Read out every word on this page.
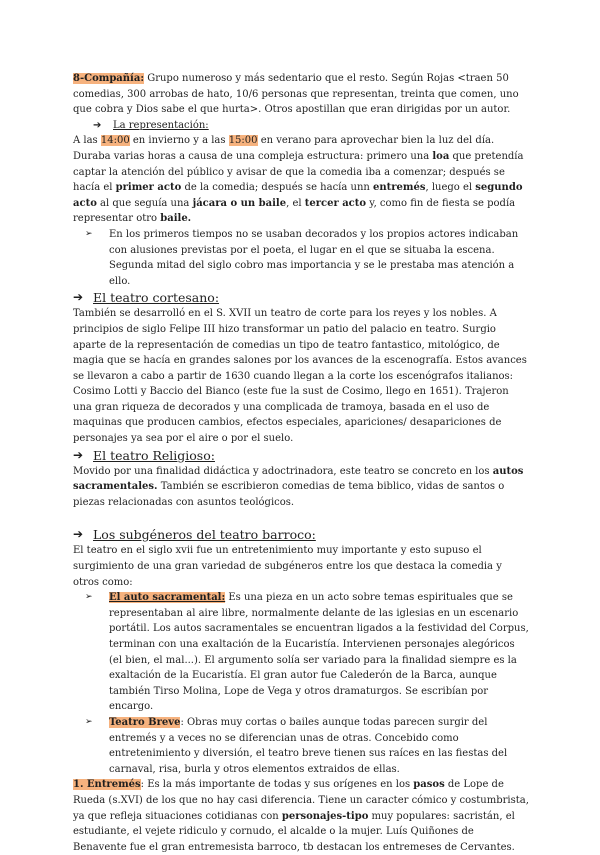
8-Compañía: Grupo numeroso y más sedentario que el resto. Según Rojas <traen 50 comedias, 300 arrobas de hato, 10/6 personas que representan, treinta que comen, uno que cobra y Dios sabe el que hurta>. Otros apostillan que eran dirigidas por un autor.

➔ La representación:

A las 14:00 en invierno y a las 15:00 en verano para aprovechar bien la luz del día.

Duraba varias horas a causa de una compleja estructura: primero una loa que pretendía captar la atención del público y avisar de que la comedia iba a comenzar; después se hacía el primer acto de la comedia; después se hacía unn entremés, luego el segundo acto al que seguía una jácara o un baile, el tercer acto y, como fin de fiesta se podía representar otro baile.

➢ En los primeros tiempos no se usaban decorados y los propios actores indicaban con alusiones previstas por el poeta, el lugar en el que se situaba la escena. Segunda mitad del siglo cobro mas importancia y se le prestaba mas atención a ello.

➔ El teatro cortesano:

También se desarrolló en el S. XVII un teatro de corte para los reyes y los nobles. A principios de siglo Felipe III hizo transformar un patio del palacio en teatro. Surgio aparte de la representación de comedias un tipo de teatro fantastico, mitológico, de magia que se hacía en grandes salones por los avances de la escenografía. Estos avances se llevaron a cabo a partir de 1630 cuando llegan a la corte los escenógrafos italianos: Cosimo Lotti y Baccio del Bianco (este fue la sust de Cosimo, llego en 1651). Trajeron una gran riqueza de decorados y una complicada de tramoya, basada en el uso de maquinas que producen cambios, efectos especiales, apariciones/ desapariciones de personajes ya sea por el aire o por el suelo.

➔ El teatro Religioso:

Movido por una finalidad didáctica y adoctrinadora, este teatro se concreto en los autos sacramentales. También se escribieron comedias de tema biblico, vidas de santos o piezas relacionadas con asuntos teológicos.

➔ Los subgéneros del teatro barroco:

El teatro en el siglo xvii fue un entretenimiento muy importante y esto supuso el surgimiento de una gran variedad de subgéneros entre los que destaca la comedia y otros como:

➢ El auto sacramental: Es una pieza en un acto sobre temas espirituales que se representaban al aire libre, normalmente delante de las iglesias en un escenario portátil. Los autos sacramentales se encuentran ligados a la festividad del Corpus, terminan con una exaltación de la Eucaristía. Intervienen personajes alegóricos (el bien, el mal...). El argumento solía ser variado para la finalidad siempre es la exaltación de la Eucaristía. El gran autor fue Calederón de la Barca, aunque también Tirso Molina, Lope de Vega y otros dramaturgos. Se escribían por encargo.

➢ Teatro Breve: Obras muy cortas o bailes aunque todas parecen surgir del entremés y a veces no se diferencian unas de otras. Concebido como entretenimiento y diversión, el teatro breve tienen sus raíces en las fiestas del carnaval, risa, burla y otros elementos extraidos de ellas.

1. Entremés: Es la más importante de todas y sus orígenes en los pasos de Lope de Rueda (s.XVI) de los que no hay casi diferencia. Tiene un caracter cómico y costumbrista, ya que refleja situaciones cotidianas con personajes-tipo muy populares: sacristán, el estudiante, el vejete ridiculo y cornudo, el alcalde o la mujer. Luís Quiñones de Benavente fue el gran entremesista barroco, tb destacan los entremeses de Cervantes.
